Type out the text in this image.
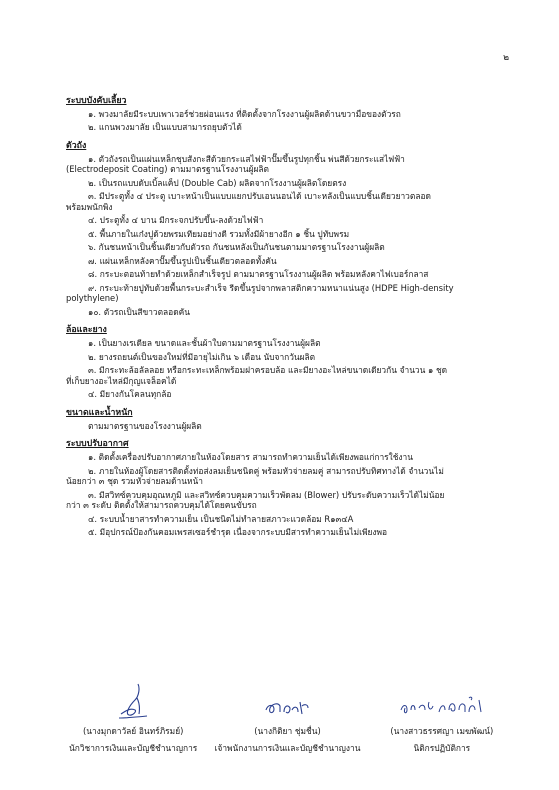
๒
ระบบบังคับเลี้ยว
๑. พวงมาลัยมีระบบเพาเวอร์ช่วยผ่อนแรง ที่ติดตั้งจากโรงงานผู้ผลิตด้านขวามือของตัวรถ
๒. แกนพวงมาลัย เป็นแบบสามารถยุบตัวได้
ตัวถัง
๑. ตัวถังรถเป็นแผ่นเหล็กชุบสังกะสีด้วยกระแสไฟฟ้าปั๊มขึ้นรูปทุกชิ้น พ่นสีด้วยกระแสไฟฟ้า
(Electrodeposit Coating) ตามมาตรฐานโรงงานผู้ผลิต
๒. เป็นรถแบบดับเบิ้ลแค็ป (Double Cab) ผลิตจากโรงงานผู้ผลิตโดยตรง
๓. มีประตูทั้ง ๔ ประตู เบาะหน้าเป็นแบบแยกปรับเอนนอนได้ เบาะหลังเป็นแบบชิ้นเดียวยาวตลอด
พร้อมพนักพิง
๔. ประตูทั้ง ๔ บาน มีกระจกปรับขึ้น-ลงด้วยไฟฟ้า
๕. พื้นภายในเก๋งปูด้วยพรมเทียมอย่างดี รวมทั้งมีผ้ายางอีก ๑ ชิ้น ปูทับพรม
๖. กันชนหน้าเป็นชิ้นเดียวกับตัวรถ กันชนหลังเป็นกันชนตามมาตรฐานโรงงานผู้ผลิต
๗. แผ่นเหล็กหลังคาปั๊มขึ้นรูปเป็นชิ้นเดียวตลอดทั้งคัน
๘. กระบะตอนท้ายทำด้วยเหล็กสำเร็จรูป ตามมาตรฐานโรงงานผู้ผลิต พร้อมหลังคาไฟเบอร์กลาส
๙. กระบะท้ายปูทับด้วยพื้นกระบะสำเร็จ รีดขึ้นรูปจากพลาสติกความหนาแน่นสูง (HDPE High-density
polythylene)
๑๐. ตัวรถเป็นสีขาวตลอดคัน
ล้อและยาง
๑. เป็นยางเรเดียล ขนาดและชั้นผ้าใบตามมาตรฐานโรงงานผู้ผลิต
๒. ยางรถยนต์เป็นของใหม่ที่มีอายุไม่เกิน ๖ เดือน นับจากวันผลิต
๓. มีกระทะล้อลัลลอย หรือกระทะเหล็กพร้อมฝาครอบล้อ และมียางอะไหล่ขนาดเดียวกัน จำนวน ๑ ชุด
ที่เก็บยางอะไหล่มีกุญแจล็อคได้
๔. มียางกันโคลนทุกล้อ
ขนาดและน้ำหนัก
ตามมาตรฐานของโรงงานผู้ผลิต
ระบบปรับอากาศ
๑. ติดตั้งเครื่องปรับอากาศภายในห้องโดยสาร สามารถทำความเย็นได้เพียงพอแก่การใช้งาน
๒. ภายในห้องผู้โดยสารติดตั้งท่อส่งลมเย็นชนิดคู่ พร้อมหัวจ่ายลมคู่ สามารถปรับทิศทางได้ จำนวนไม่
น้อยกว่า ๓ ชุด รวมหัวจ่ายลมด้านหน้า
๓. มีสวิทซ์ควบคุมอุณหภูมิ และสวิทซ์ควบคุมความเร็วพัดลม (Blower) ปรับระดับความเร็วได้ไม่น้อย
กว่า ๓ ระดับ ติดตั้งให้สามารถควบคุมได้โดยคนขับรถ
๔. ระบบน้ำยาสารทำความเย็น เป็นชนิดไม่ทำลายสภาวะแวดล้อม R๑๓๔A
๕. มีอุปกรณ์ป้องกันคอมเพรสเซอร์ชำรุด เนื่องจากระบบมีสารทำความเย็นไม่เพียงพอ
(นางมุกดาวัลย์ อินทร์ภิรมย์)
นักวิชาการเงินและบัญชีชำนาญการ
(นางกิติยา ชุ่มชื่น)
เจ้าพนักงานการเงินและบัญชีชำนาญงาน
(นางสาวธรรศญา เมฆพัฒน์)
นิติกรปฏิบัติการ
